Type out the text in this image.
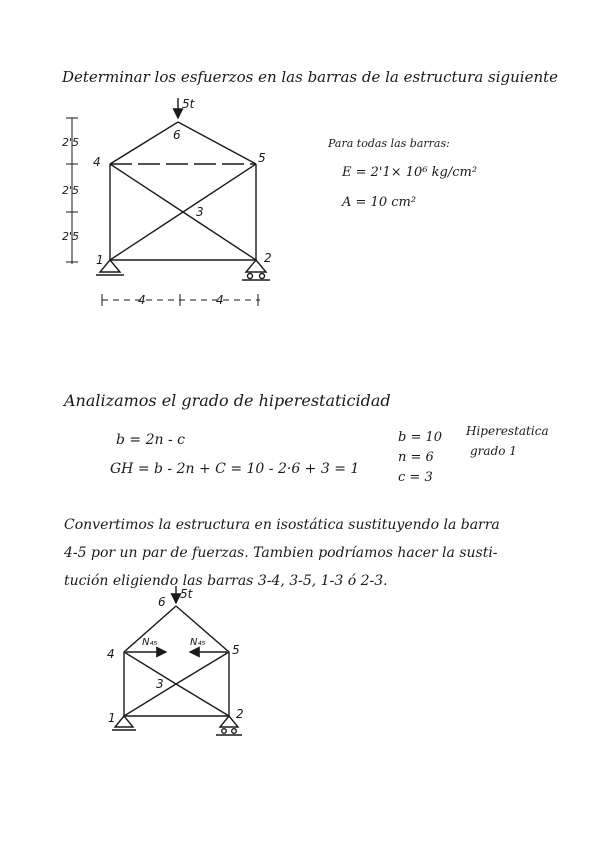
Determinar los esfuerzos en las barras de la estructura siguiente
Para todas las barras:
E = 2'1× 10⁶ kg/cm²
A = 10 cm²
Analizamos el grado de hiperestaticidad
b = 2n - c
GH = b - 2n + C = 10 - 2·6 + 3 = 1
b = 10
n = 6
c = 3
Hiperestatica
grado 1
Convertimos la estructura en isostática sustituyendo la barra
4-5 por un par de fuerzas. Tambien podríamos hacer la susti-
tución eligiendo las barras 3-4, 3-5, 1-3 ó 2-3.
5t
1	2
3
4	5
6
2'5
2'5
2'5
4	4
5t
1	2
3
4	5
6
N₄₅	N₄₅
